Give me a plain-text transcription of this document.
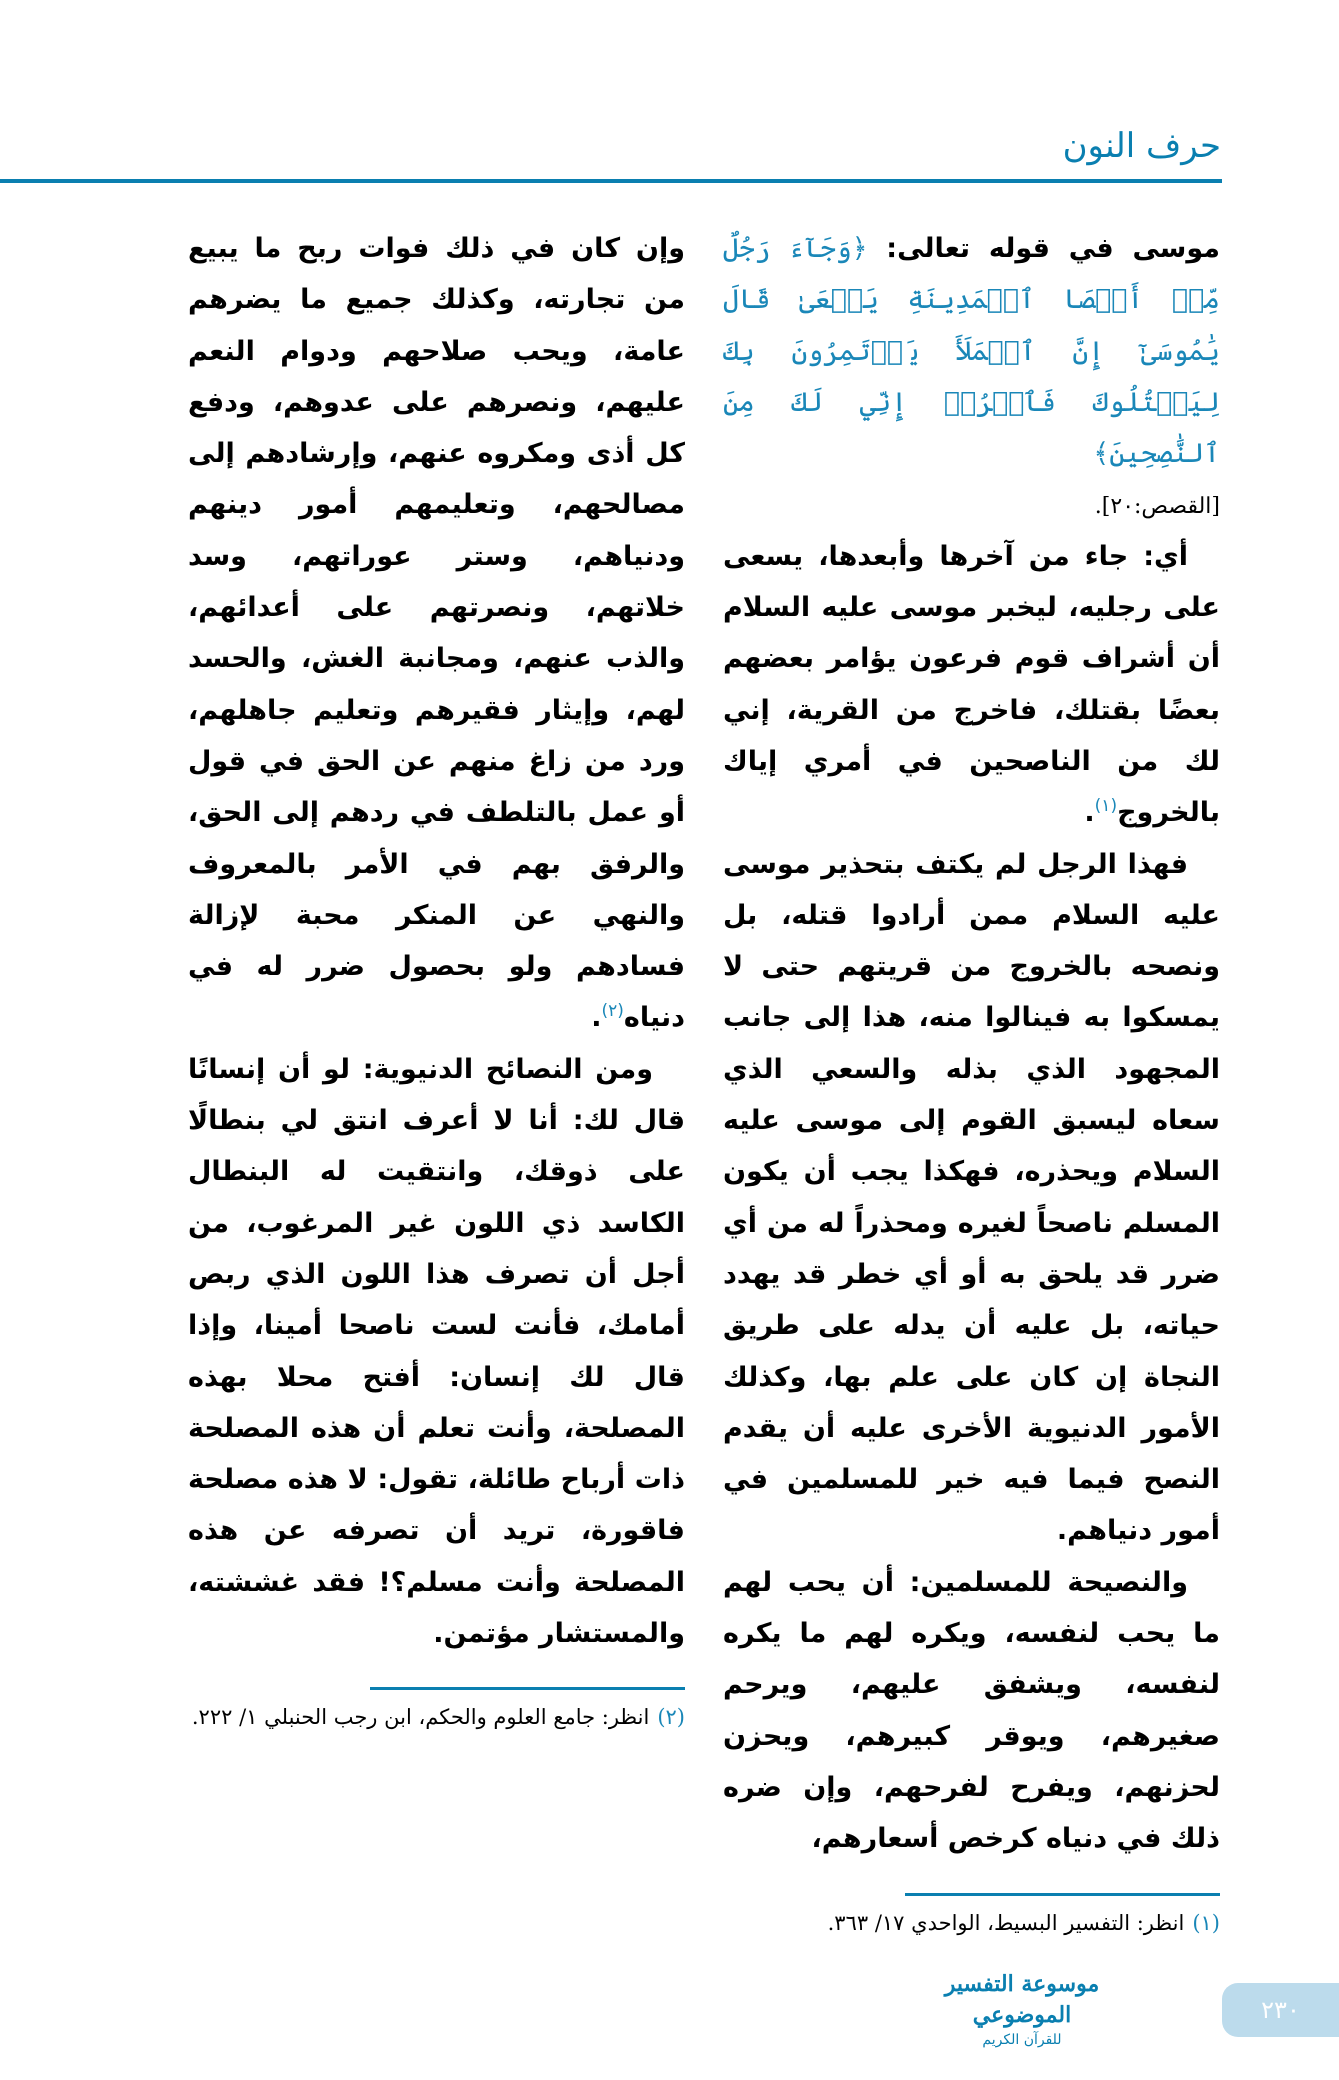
حرف النون

موسى في قوله تعالى: ﴿وَجَآءَ رَجُلٌ مِّنۡ أَقۡصَا ٱلۡمَدِينَةِ يَسۡعَىٰ قَالَ يَٰمُوسَىٰٓ إِنَّ ٱلۡمَلَأَ يَأۡتَمِرُونَ بِكَ لِيَقۡتُلُوكَ فَٱخۡرُجۡ إِنِّي لَكَ مِنَ ٱلنَّٰصِحِينَ﴾

[القصص:٢٠].

أي: جاء من آخرها وأبعدها، يسعى على رجليه، ليخبر موسى عليه السلام أن أشراف قوم فرعون يؤامر بعضهم بعضًا بقتلك، فاخرج من القرية، إني لك من الناصحين في أمري إياك بالخروج$^{(١)}$.

فهذا الرجل لم يكتف بتحذير موسى عليه السلام ممن أرادوا قتله، بل ونصحه بالخروج من قريتهم حتى لا يمسكوا به فينالوا منه، هذا إلى جانب المجهود الذي بذله والسعي الذي سعاه ليسبق القوم إلى موسى عليه السلام ويحذره، فهكذا يجب أن يكون المسلم ناصحاً لغيره ومحذراً له من أي ضرر قد يلحق به أو أي خطر قد يهدد حياته، بل عليه أن يدله على طريق النجاة إن كان على علم بها، وكذلك الأمور الدنيوية الأخرى عليه أن يقدم النصح فيما فيه خير للمسلمين في أمور دنياهم.

والنصيحة للمسلمين: أن يحب لهم ما يحب لنفسه، ويكره لهم ما يكره لنفسه، ويشفق عليهم، ويرحم صغيرهم، ويوقر كبيرهم، ويحزن لحزنهم، ويفرح لفرحهم، وإن ضره ذلك في دنياه كرخص أسعارهم،

(١)انظر: التفسير البسيط، الواحدي ١٧/ ٣٦٣.

وإن كان في ذلك فوات ربح ما يبيع من تجارته، وكذلك جميع ما يضرهم عامة، ويحب صلاحهم ودوام النعم عليهم، ونصرهم على عدوهم، ودفع كل أذى ومكروه عنهم، وإرشادهم إلى مصالحهم، وتعليمهم أمور دينهم ودنياهم، وستر عوراتهم، وسد خلاتهم، ونصرتهم على أعدائهم، والذب عنهم، ومجانبة الغش، والحسد لهم، وإيثار فقيرهم وتعليم جاهلهم، ورد من زاغ منهم عن الحق في قول أو عمل بالتلطف في ردهم إلى الحق، والرفق بهم في الأمر بالمعروف والنهي عن المنكر محبة لإزالة فسادهم ولو بحصول ضرر له في دنياه$^{(٢)}$.

ومن النصائح الدنيوية: لو أن إنسانًا قال لك: أنا لا أعرف انتق لي بنطالًا على ذوقك، وانتقيت له البنطال الكاسد ذي اللون غير المرغوب، من أجل أن تصرف هذا اللون الذي ربص أمامك، فأنت لست ناصحا أمينا، وإذا قال لك إنسان: أفتح محلا بهذه المصلحة، وأنت تعلم أن هذه المصلحة ذات أرباح طائلة، تقول: لا هذه مصلحة فاقورة، تريد أن تصرفه عن هذه المصلحة وأنت مسلم؟! فقد غششته، والمستشار مؤتمن.

(٢)انظر: جامع العلوم والحكم، ابن رجب الحنبلي ١/ ٢٢٢.
٢٣٠
موسوعة التفسير الموضوعي
للقرآن الكريم
